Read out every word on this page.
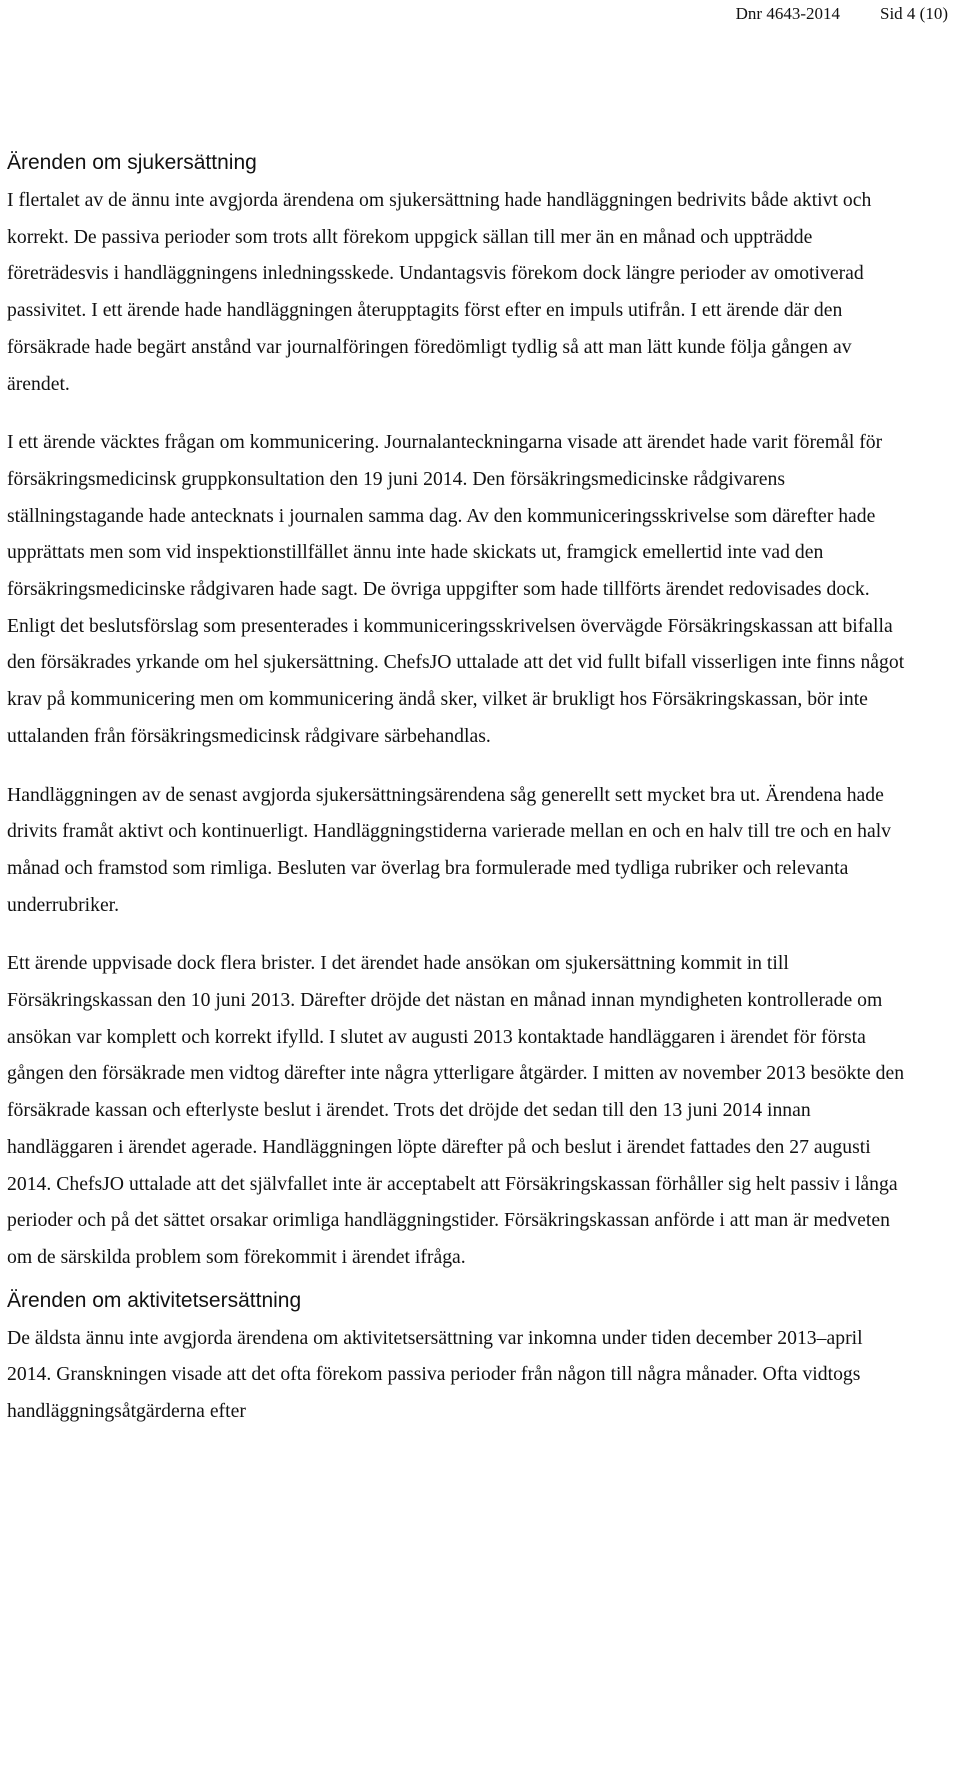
Dnr 4643-2014 Sid 4 (10)
Ärenden om sjukersättning

I flertalet av de ännu inte avgjorda ärendena om sjukersättning hade handläggningen bedrivits både aktivt och korrekt. De passiva perioder som trots allt förekom uppgick sällan till mer än en månad och uppträdde företrädesvis i handläggningens inledningsskede. Undantagsvis förekom dock längre perioder av omotiverad passivitet. I ett ärende hade handläggningen återupptagits först efter en impuls utifrån. I ett ärende där den försäkrade hade begärt anstånd var journalföringen föredömligt tydlig så att man lätt kunde följa gången av ärendet.

I ett ärende väcktes frågan om kommunicering. Journalanteckningarna visade att ärendet hade varit föremål för försäkringsmedicinsk gruppkonsultation den 19 juni 2014. Den försäkringsmedicinske rådgivarens ställningstagande hade antecknats i journalen samma dag. Av den kommuniceringsskrivelse som därefter hade upprättats men som vid inspektionstillfället ännu inte hade skickats ut, framgick emellertid inte vad den försäkringsmedicinske rådgivaren hade sagt. De övriga uppgifter som hade tillförts ärendet redovisades dock. Enligt det beslutsförslag som presenterades i kommuniceringsskrivelsen övervägde Försäkringskassan att bifalla den försäkrades yrkande om hel sjukersättning. ChefsJO uttalade att det vid fullt bifall visserligen inte finns något krav på kommunicering men om kommunicering ändå sker, vilket är brukligt hos Försäkringskassan, bör inte uttalanden från försäkringsmedicinsk rådgivare särbehandlas.

Handläggningen av de senast avgjorda sjukersättningsärendena såg generellt sett mycket bra ut. Ärendena hade drivits framåt aktivt och kontinuerligt. Handläggningstiderna varierade mellan en och en halv till tre och en halv månad och framstod som rimliga. Besluten var överlag bra formulerade med tydliga rubriker och relevanta underrubriker.

Ett ärende uppvisade dock flera brister. I det ärendet hade ansökan om sjukersättning kommit in till Försäkringskassan den 10 juni 2013. Därefter dröjde det nästan en månad innan myndigheten kontrollerade om ansökan var komplett och korrekt ifylld. I slutet av augusti 2013 kontaktade handläggaren i ärendet för första gången den försäkrade men vidtog därefter inte några ytterligare åtgärder. I mitten av november 2013 besökte den försäkrade kassan och efterlyste beslut i ärendet. Trots det dröjde det sedan till den 13 juni 2014 innan handläggaren i ärendet agerade. Handläggningen löpte därefter på och beslut i ärendet fattades den 27 augusti 2014. ChefsJO uttalade att det självfallet inte är acceptabelt att Försäkringskassan förhåller sig helt passiv i långa perioder och på det sättet orsakar orimliga handläggningstider. Försäkringskassan anförde i att man är medveten om de särskilda problem som förekommit i ärendet ifråga.

Ärenden om aktivitetsersättning

De äldsta ännu inte avgjorda ärendena om aktivitetsersättning var inkomna under tiden december 2013–april 2014. Granskningen visade att det ofta förekom passiva perioder från någon till några månader. Ofta vidtogs handläggningsåtgärderna efter
